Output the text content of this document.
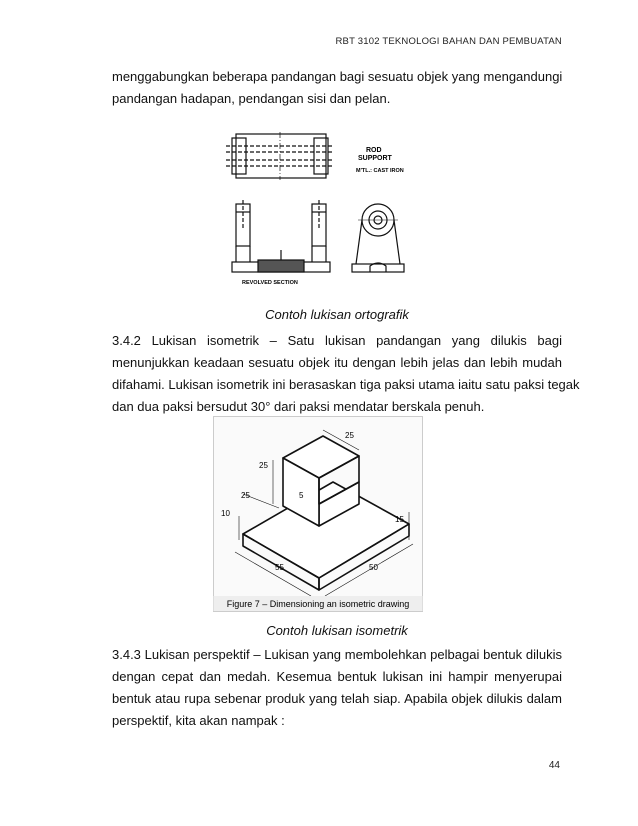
RBT 3102 TEKNOLOGI BAHAN DAN PEMBUATAN
menggabungkan beberapa pandangan bagi sesuatu objek yang mengandungi
pandangan hadapan, pendangan sisi dan pelan.
ROD
SUPPORT
M'TL.: CAST IRON
REVOLVED SECTION
Contoh lukisan ortografik
3.4.2 Lukisan isometrik – Satu lukisan pandangan yang dilukis bagi
menunjukkan keadaan sesuatu objek itu dengan lebih jelas dan lebih mudah
difahami. Lukisan isometrik ini berasaskan tiga paksi utama iaitu satu paksi tegak
dan dua paksi bersudut 30° dari paksi mendatar berskala penuh.
25
25
25	5
10
15
55	50
Figure 7 – Dimensioning an isometric drawing
Contoh lukisan isometrik
3.4.3 Lukisan perspektif – Lukisan yang membolehkan pelbagai bentuk dilukis
dengan cepat dan medah. Kesemua bentuk lukisan ini hampir menyerupai
bentuk atau rupa sebenar produk yang telah siap. Apabila objek dilukis dalam
perspektif, kita akan nampak :
44
